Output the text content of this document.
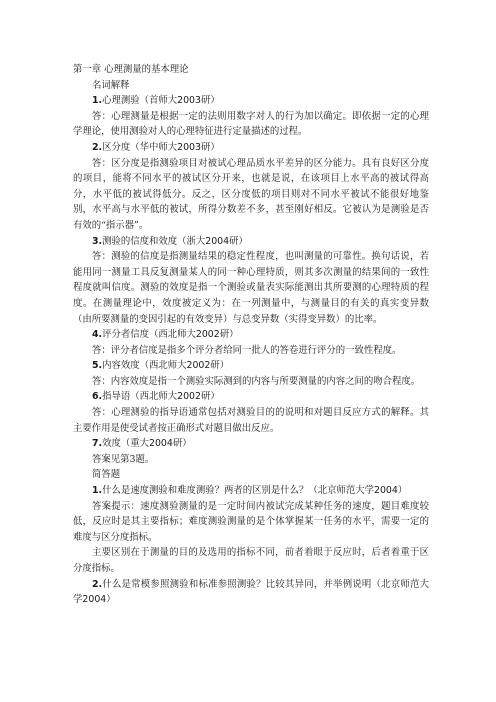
第一章 心理测量的基本理论

名词解释

1.心理测验（首师大2003研）

答：心理测量是根据一定的法则用数字对人的行为加以确定。即依据一定的心理学理论，使用测验对人的心理特征进行定量描述的过程。

2.区分度（华中师大2003研）

答：区分度是指测验项目对被试心理品质水平差异的区分能力。具有良好区分度的项目，能将不同水平的被试区分开来，也就是说，在该项目上水平高的被试得高分，水平低的被试得低分。反之，区分度低的项目则对不同水平被试不能很好地鉴别，水平高与水平低的被试，所得分数差不多，甚至刚好相反。它被认为是测验是否有效的“指示器”。

3.测验的信度和效度（浙大2004研）

答：测验的信度是指测量结果的稳定性程度，也叫测量的可靠性。换句话说，若能用同一测量工具反复测量某人的同一种心理特质，则其多次测量的结果间的一致性程度就叫信度。测验的效度是指一个测验或量表实际能测出其所要测的心理特质的程度。在测量理论中，效度被定义为：在一列测量中，与测量目的有关的真实变异数（由所要测量的变因引起的有效变异）与总变异数（实得变异数）的比率。

4.评分者信度（西北师大2002研）

答：评分者信度是指多个评分者给同一批人的答卷进行评分的一致性程度。

5.内容效度（西北师大2002研）

答：内容效度是指一个测验实际测到的内容与所要测量的内容之间的吻合程度。

6.指导语（西北师大2002研）

答：心理测验的指导语通常包括对测验目的的说明和对题目反应方式的解释。其主要作用是使受试者按正确形式对题目做出反应。

7.效度（重大2004研）

答案见第3题。

简答题

1.什么是速度测验和难度测验？两者的区别是什么？（北京师范大学2004）

答案提示：速度测验测量的是一定时间内被试完成某种任务的速度，题目难度较低，反应时是其主要指标；难度测验测量的是个体掌握某一任务的水平，需要一定的难度与区分度指标。

主要区别在于测量的目的及选用的指标不同，前者着眼于反应时，后者着重于区分度指标。

2.什么是常模参照测验和标准参照测验？比较其异同，并举例说明（北京师范大学2004）
